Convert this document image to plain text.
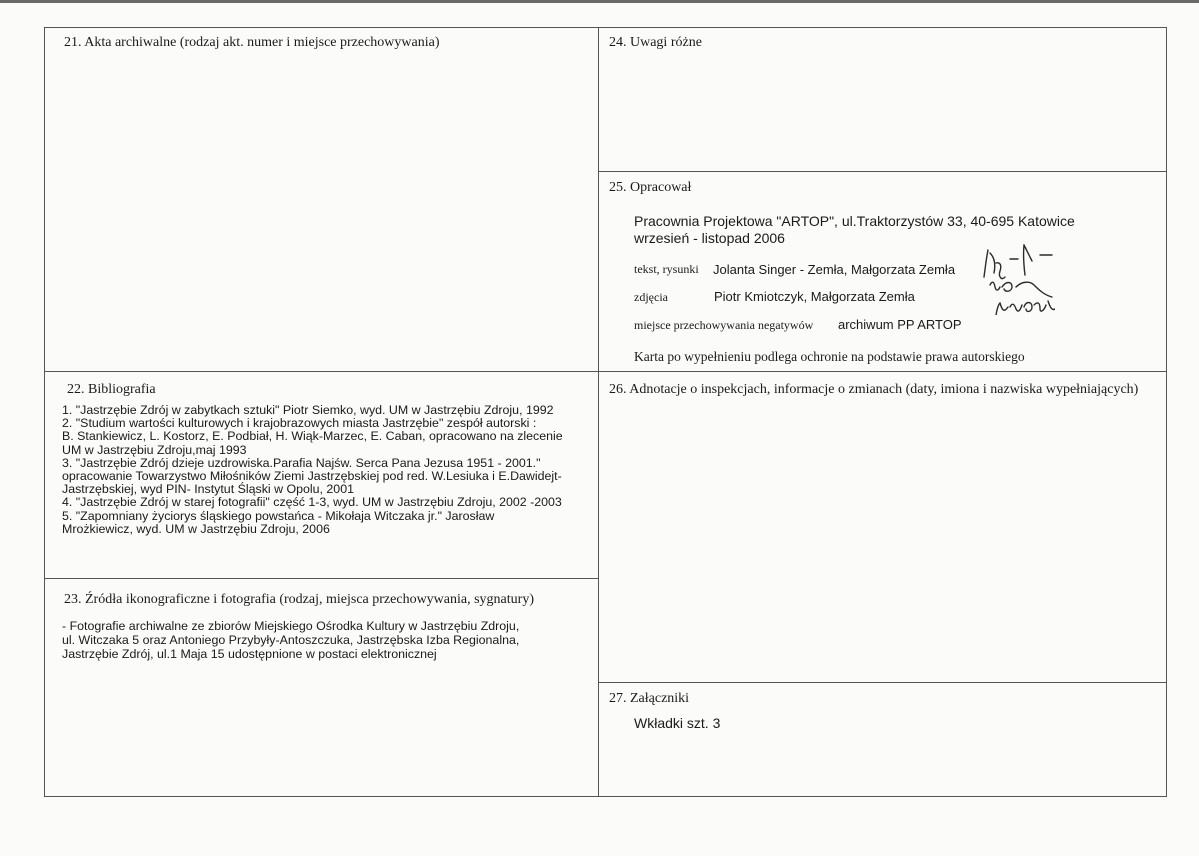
21. Akta archiwalne (rodzaj akt. numer i miejsce przechowywania)	24. Uwagi różne
25. Opracował
Pracownia Projektowa "ARTOP", ul.Traktorzystów 33, 40-695 Katowice
wrzesień - listopad 2006
tekst, rysunki Jolanta Singer - Zemła, Małgorzata Zemła
zdjęcia	Piotr Kmiotczyk, Małgorzata Zemła
miejsce przechowywania negatywów archiwum PP ARTOP
Karta po wypełnieniu podlega ochronie na podstawie prawa autorskiego
22. Bibliografia
1. "Jastrzębie Zdrój w zabytkach sztuki" Piotr Siemko, wyd. UM w Jastrzębiu Zdroju, 1992
2. "Studium wartości kulturowych i krajobrazowych miasta Jastrzębie" zespół autorski :
B. Stankiewicz, L. Kostorz, E. Podbiał, H. Wiąk-Marzec, E. Caban, opracowano na zlecenie
UM w Jastrzębiu Zdroju,maj 1993
3. "Jastrzębie Zdrój dzieje uzdrowiska.Parafia Najśw. Serca Pana Jezusa 1951 - 2001."
opracowanie Towarzystwo Miłośników Ziemi Jastrzębskiej pod red. W.Lesiuka i E.Dawidejt-
Jastrzębskiej, wyd PIN- Instytut Śląski w Opolu, 2001
4. "Jastrzębie Zdrój w starej fotografii" część 1-3, wyd. UM w Jastrzębiu Zdroju, 2002 -2003
5. "Zapomniany życiorys śląskiego powstańca - Mikołaja Witczaka jr." Jarosław
Mrożkiewicz, wyd. UM w Jastrzębiu Zdroju, 2006
26. Adnotacje o inspekcjach, informacje o zmianach (daty, imiona i nazwiska wypełniających)
23. Źródła ikonograficzne i fotografia (rodzaj, miejsca przechowywania, sygnatury)
- Fotografie archiwalne ze zbiorów Miejskiego Ośrodka Kultury w Jastrzębiu Zdroju,
ul. Witczaka 5 oraz Antoniego Przybyły-Antoszczuka, Jastrzębska Izba Regionalna,
Jastrzębie Zdrój, ul.1 Maja 15 udostępnione w postaci elektronicznej
27. Załączniki
Wkładki szt. 3
